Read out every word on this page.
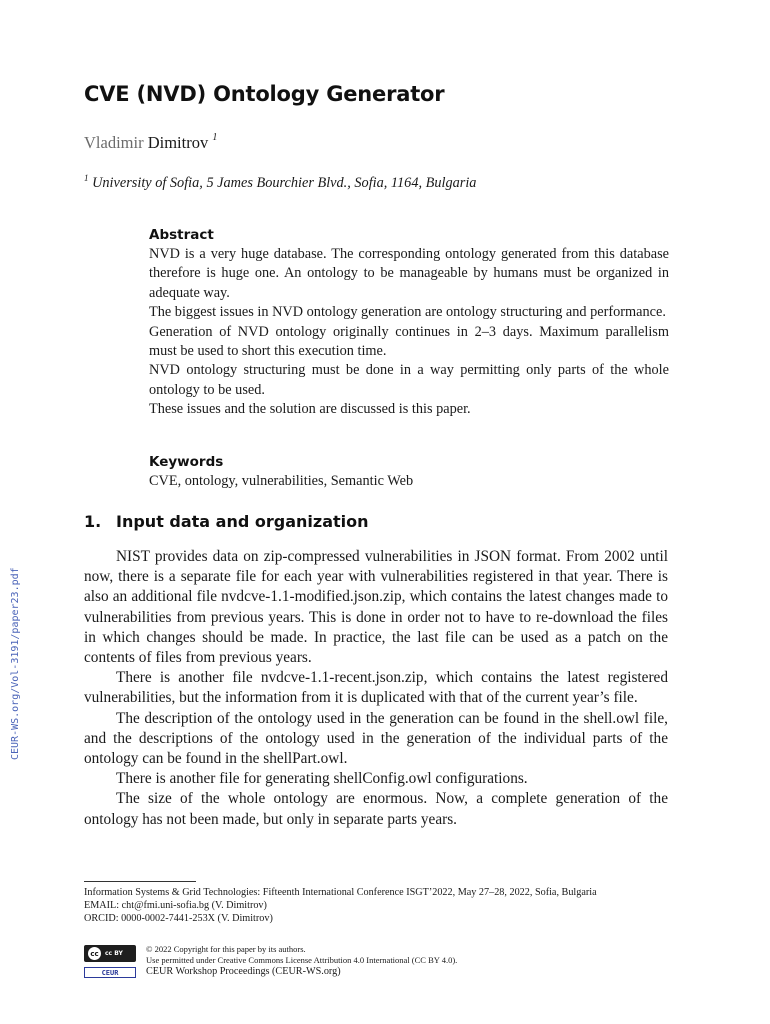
CVE (NVD) Ontology Generator
Vladimir Dimitrov $^1$
$^1$ University of Sofia, 5 James Bourchier Blvd., Sofia, 1164, Bulgaria
Abstract

NVD is a very huge database. The corresponding ontology generated from this database therefore is huge one. An ontology to be manageable by humans must be organized in adequate way.

The biggest issues in NVD ontology generation are ontology structuring and performance.

Generation of NVD ontology originally continues in 2–3 days. Maximum parallelism must be used to short this execution time.

NVD ontology structuring must be done in a way permitting only parts of the whole ontology to be used.

These issues and the solution are discussed is this paper.

Keywords
CVE, ontology, vulnerabilities, Semantic Web
1. Input data and organization

NIST provides data on zip-compressed vulnerabilities in JSON format. From 2002 until now, there is a separate file for each year with vulnerabilities registered in that year. There is also an additional file nvdcve-1.1-modified.json.zip, which contains the latest changes made to vulnerabilities from previous years. This is done in order not to have to re-download the files in which changes should be made. In practice, the last file can be used as a patch on the contents of files from previous years.

There is another file nvdcve-1.1-recent.json.zip, which contains the latest registered vulnerabilities, but the information from it is duplicated with that of the current year’s file.

The description of the ontology used in the generation can be found in the shell.owl file, and the descriptions of the ontology used in the generation of the individual parts of the ontology can be found in the shellPart.owl.

There is another file for generating shellConfig.owl configurations.

The size of the whole ontology are enormous. Now, a complete generation of the ontology has not been made, but only in separate parts years.

Information Systems & Grid Technologies: Fifteenth International Conference ISGT’2022, May 27–28, 2022, Sofia, Bulgaria
EMAIL: cht@fmi.uni-sofia.bg (V. Dimitrov)
ORCID: 0000-0002-7441-253X (V. Dimitrov)
cc	cc BY	© 2022 Copyright for this paper by its authors.
Use permitted under Creative Commons License Attribution 4.0 International (CC BY 4.0).
CEUR	CEUR Workshop Proceedings (CEUR-WS.org)
CEUR-WS.org/Vol-3191/paper23.pdf
